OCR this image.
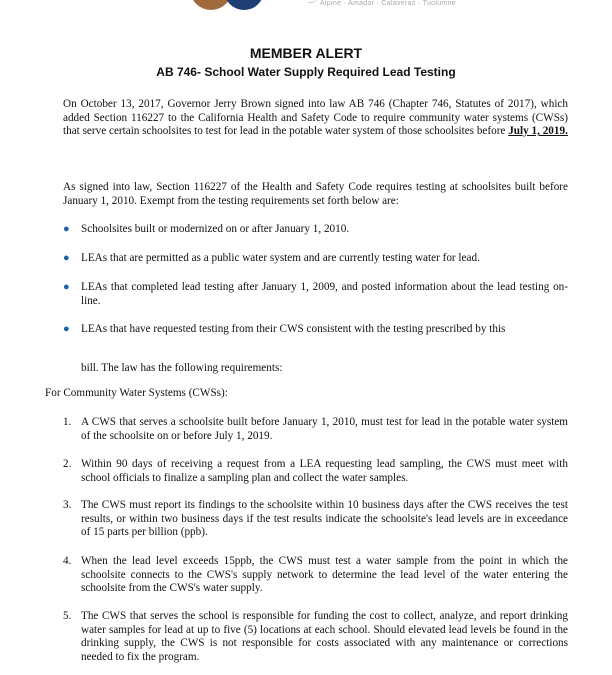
Alpine · Amador · Calaveras · Tuolumne
MEMBER ALERT
AB 746- School Water Supply Required Lead Testing
On October 13, 2017, Governor Jerry Brown signed into law AB 746 (Chapter 746, Statutes of 2017), which added Section 116227 to the California Health and Safety Code to require community water systems (CWSs) that serve certain schoolsites to test for lead in the potable water system of those schoolsites before July 1, 2019.
As signed into law, Section 116227 of the Health and Safety Code requires testing at schoolsites built before January 1, 2010. Exempt from the testing requirements set forth below are:
● Schoolsites built or modernized on or after January 1, 2010.
● LEAs that are permitted as a public water system and are currently testing water for lead.
● LEAs that completed lead testing after January 1, 2009, and posted information about the lead testing on- line.
● LEAs that have requested testing from their CWS consistent with the testing prescribed by this
bill. The law has the following requirements:
For Community Water Systems (CWSs):
1. A CWS that serves a schoolsite built before January 1, 2010, must test for lead in the potable water system of the schoolsite on or before July 1, 2019.
2. Within 90 days of receiving a request from a LEA requesting lead sampling, the CWS must meet with school officials to finalize a sampling plan and collect the water samples.
3. The CWS must report its findings to the schoolsite within 10 business days after the CWS receives the test results, or within two business days if the test results indicate the schoolsite's lead levels are in exceedance of 15 parts per billion (ppb).
4. When the lead level exceeds 15ppb, the CWS must test a water sample from the point in which the schoolsite connects to the CWS's supply network to determine the lead level of the water entering the schoolsite from the CWS's water supply.
5. The CWS that serves the school is responsible for funding the cost to collect, analyze, and report drinking water samples for lead at up to five (5) locations at each school. Should elevated lead levels be found in the drinking supply, the CWS is not responsible for costs associated with any maintenance or corrections needed to fix the program.
